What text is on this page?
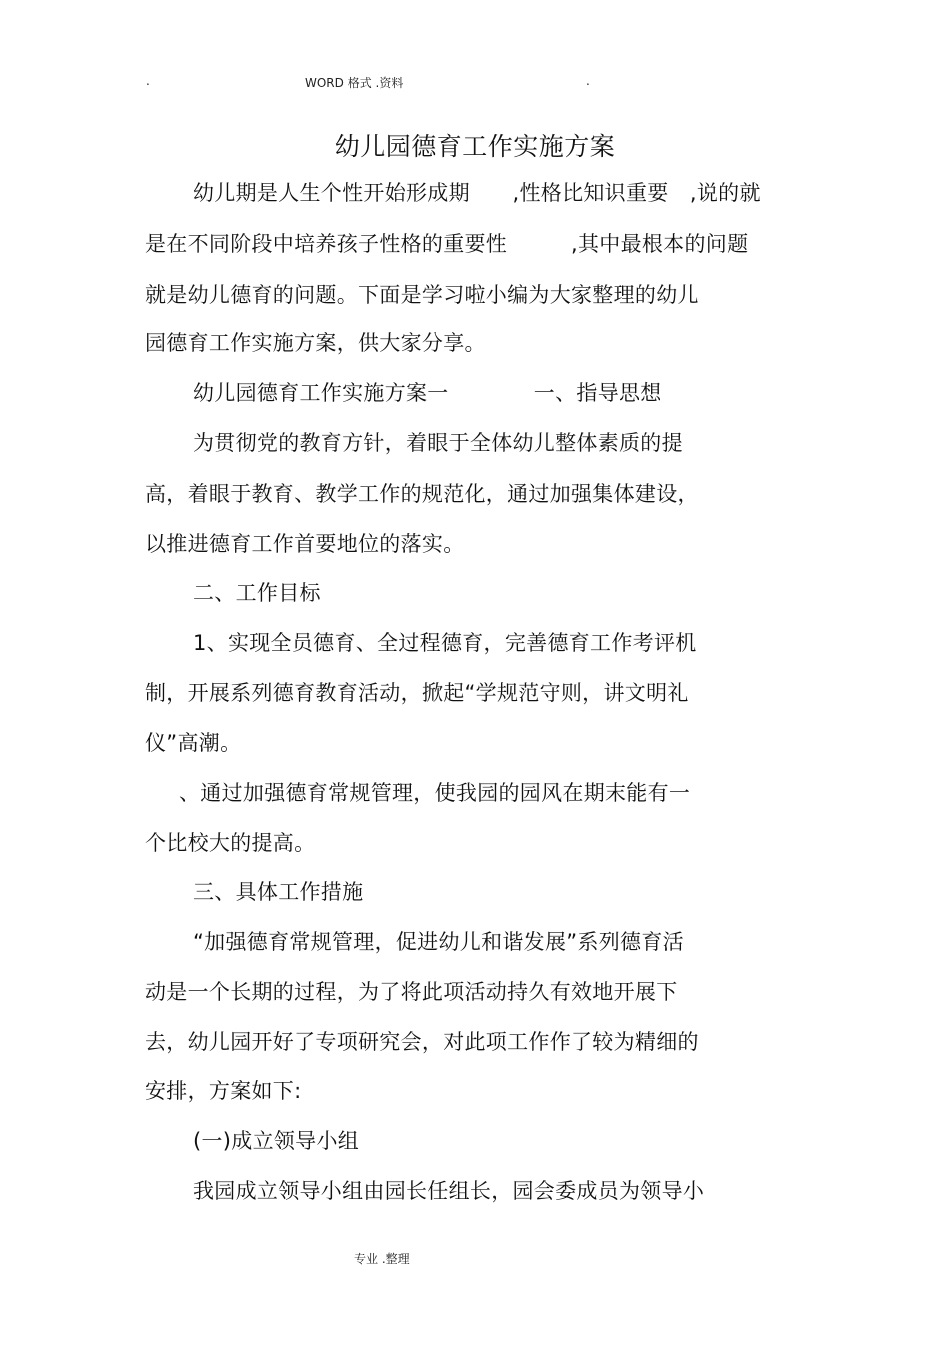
.	WORD 格式 .资料	.
幼儿园德育工作实施方案
幼儿期是人生个性开始形成期　　,性格比知识重要　,说的就
是在不同阶段中培养孩子性格的重要性　　　,其中最根本的问题
就是幼儿德育的问题。下面是学习啦小编为大家整理的幼儿
园德育工作实施方案，供大家分享。
幼儿园德育工作实施方案一　　　　一、指导思想
为贯彻党的教育方针，着眼于全体幼儿整体素质的提
高，着眼于教育、教学工作的规范化，通过加强集体建设，
以推进德育工作首要地位的落实。
二、工作目标
1、实现全员德育、全过程德育，完善德育工作考评机
制，开展系列德育教育活动，掀起“学规范守则，讲文明礼
仪”高潮。
、通过加强德育常规管理，使我园的园风在期末能有一
个比校大的提高。
三、具体工作措施
“加强德育常规管理，促进幼儿和谐发展”系列德育活
动是一个长期的过程，为了将此项活动持久有效地开展下
去，幼儿园开好了专项研究会，对此项工作作了较为精细的
安排，方案如下:
(一)成立领导小组
我园成立领导小组由园长任组长，园会委成员为领导小
专业 .整理
